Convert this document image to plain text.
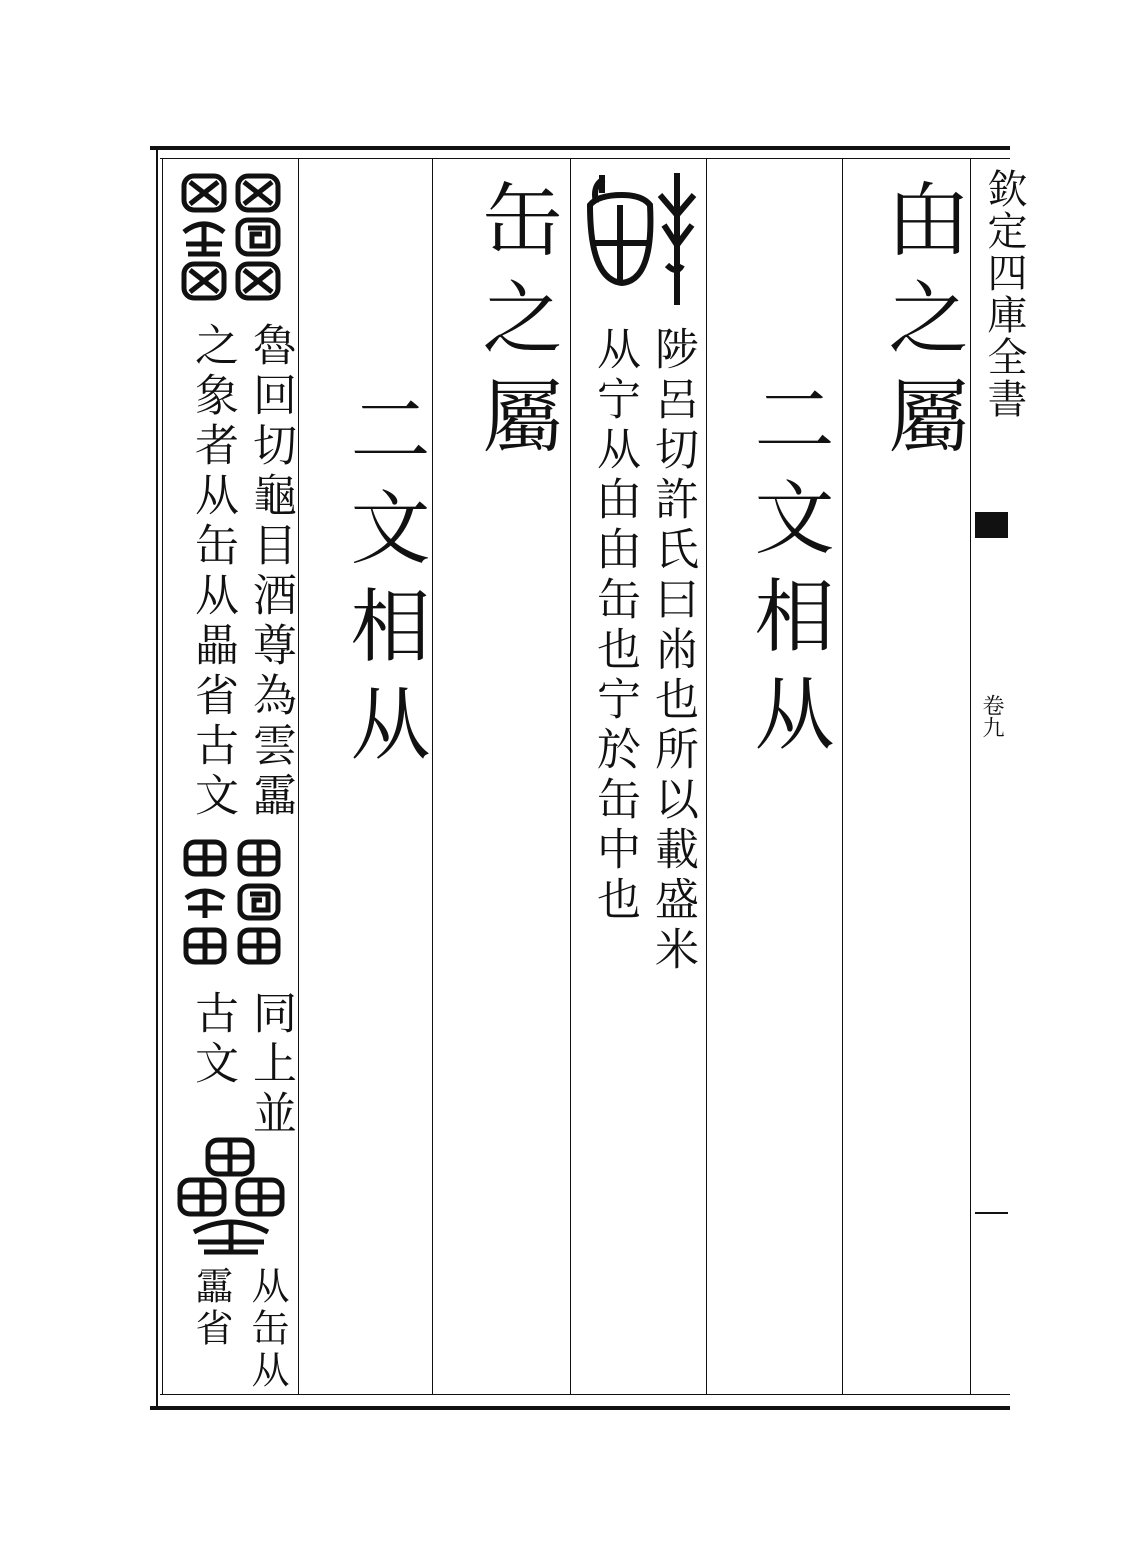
欽定四庫全書
卷九
甶之屬
二文相从
陟呂切許氏曰㡀也所以載盛米
从宁从甶甶缶也宁於缶中也
缶之屬
二文相从
魯回切龜目酒尊為雲靁
之象者从缶从畾省古文
同上並
古文
从缶从
靁省
